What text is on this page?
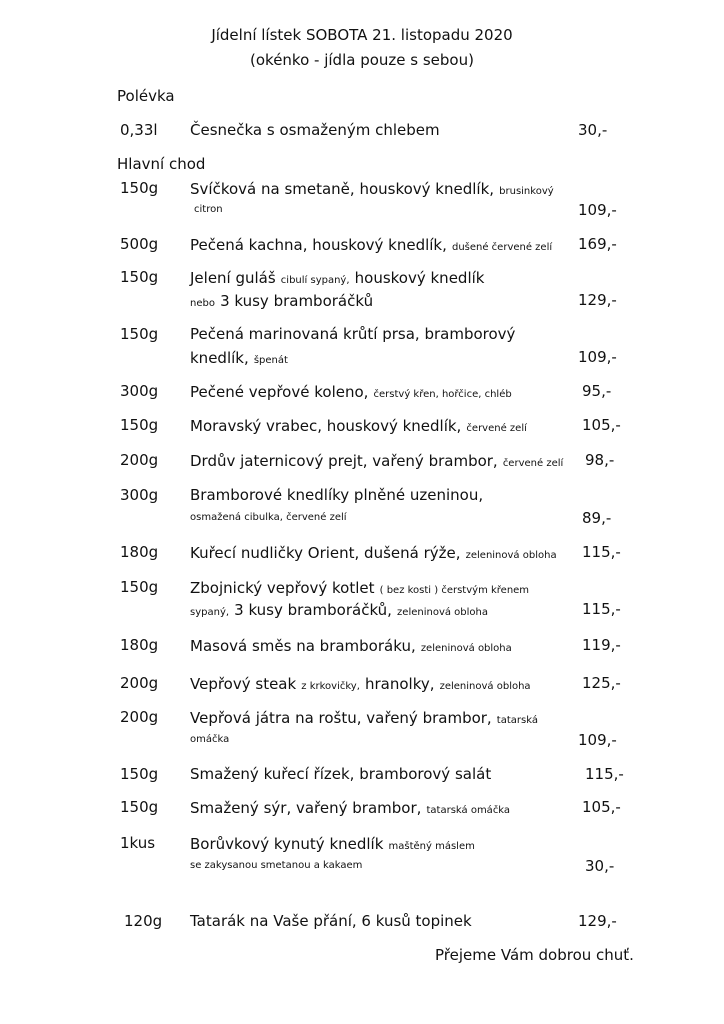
Jídelní lístek SOBOTA 21. listopadu 2020
(okénko - jídla pouze s sebou)
Polévka
0,33l Česnečka s osmaženým chlebem	30,-
Hlavní chod
150g Svíčková na smetaně, houskový knedlík, brusinkový
citron	109,-
500g Pečená kachna, houskový knedlík, dušené červené zelí 169,-
150g Jelení guláš cibulí sypaný, houskový knedlík
nebo 3 kusy bramboráčků	129,-
150g Pečená marinovaná krůtí prsa, bramborový
knedlík, špenát	109,-
300g Pečené vepřové koleno, čerstvý křen, hořčice, chléb	95,-
150g Moravský vrabec, houskový knedlík, červené zelí	105,-
200g Drdův jaternicový prejt, vařený brambor, červené zelí 98,-
300g Bramborové knedlíky plněné uzeninou,
osmažená cibulka, červené zelí	89,-
180g Kuřecí nudličky Orient, dušená rýže, zeleninová obloha 115,-
150g Zbojnický vepřový kotlet ( bez kosti ) čerstvým křenem
sypaný, 3 kusy bramboráčků, zeleninová obloha	115,-
180g Masová směs na bramboráku, zeleninová obloha	119,-
200g Vepřový steak z krkovičky, hranolky, zeleninová obloha	125,-
200g Vepřová játra na roštu, vařený brambor, tatarská
omáčka	109,-
150g Smažený kuřecí řízek, bramborový salát	115,-
150g Smažený sýr, vařený brambor, tatarská omáčka	105,-
1kus Borůvkový kynutý knedlík maštěný máslem
se zakysanou smetanou a kakaem	30,-
120g Tatarák na Vaše přání, 6 kusů topinek	129,-
Přejeme Vám dobrou chuť.
